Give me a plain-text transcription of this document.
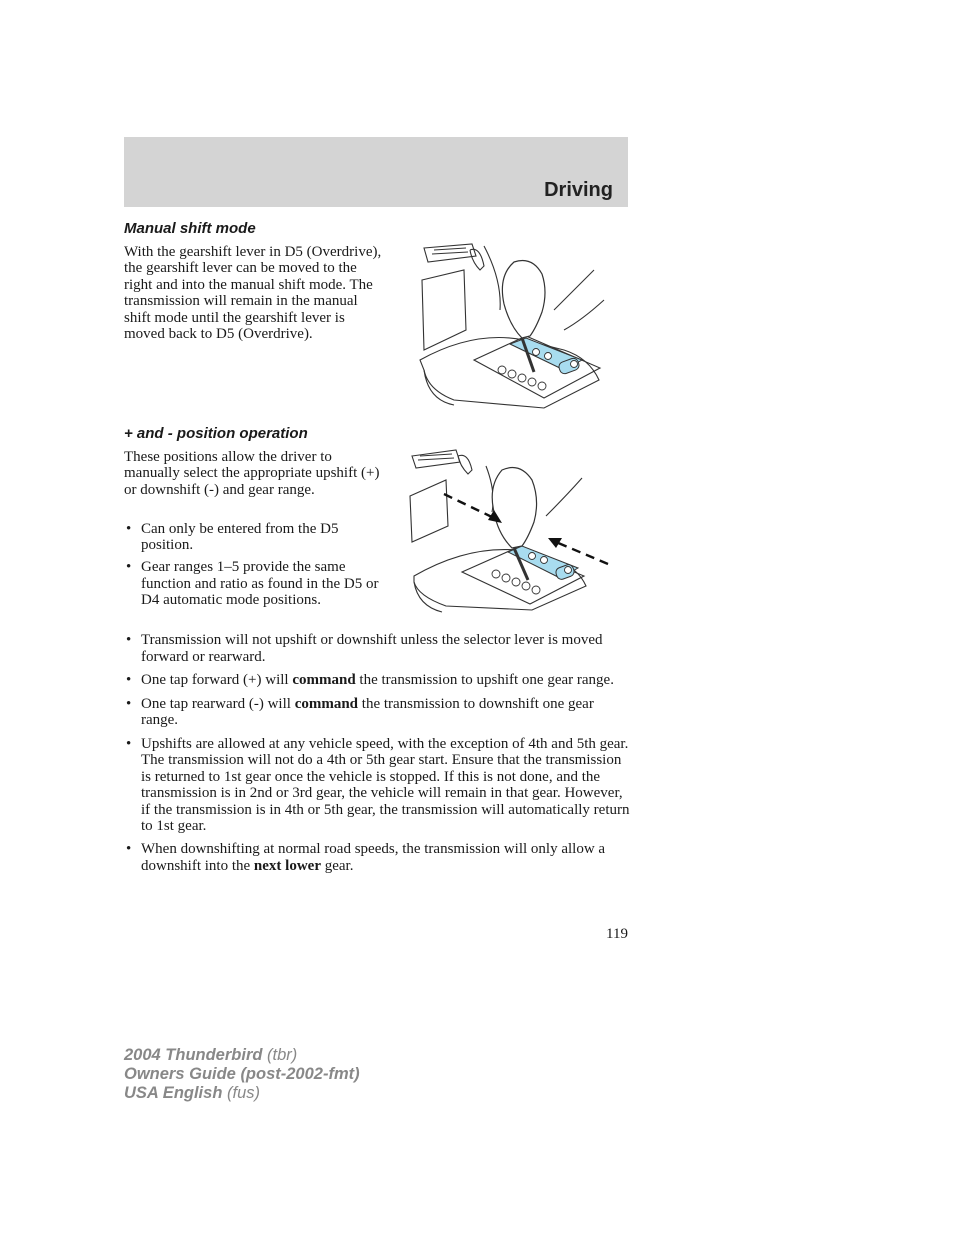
Driving
Manual shift mode
With the gearshift lever in D5 (Overdrive), the gearshift lever can be moved to the right and into the manual shift mode. The transmission will remain in the manual shift mode until the gearshift lever is moved back to D5 (Overdrive).
+ and - position operation
These positions allow the driver to manually select the appropriate upshift (+) or downshift (-) and gear range.
• Can only be entered from the D5 position.
• Gear ranges 1–5 provide the same function and ratio as found in the D5 or D4 automatic mode positions.
• Transmission will not upshift or downshift unless the selector lever is moved forward or rearward.
• One tap forward (+) will command the transmission to upshift one gear range.
• One tap rearward (-) will command the transmission to downshift one gear range.
• Upshifts are allowed at any vehicle speed, with the exception of 4th and 5th gear. The transmission will not do a 4th or 5th gear start. Ensure that the transmission is returned to 1st gear once the vehicle is stopped. If this is not done, and the transmission is in 2nd or 3rd gear, the vehicle will remain in that gear. However, if the transmission is in 4th or 5th gear, the transmission will automatically return to 1st gear.
• When downshifting at normal road speeds, the transmission will only allow a downshift into the next lower gear.
119
2004 Thunderbird (tbr)
Owners Guide (post-2002-fmt)
USA English (fus)
